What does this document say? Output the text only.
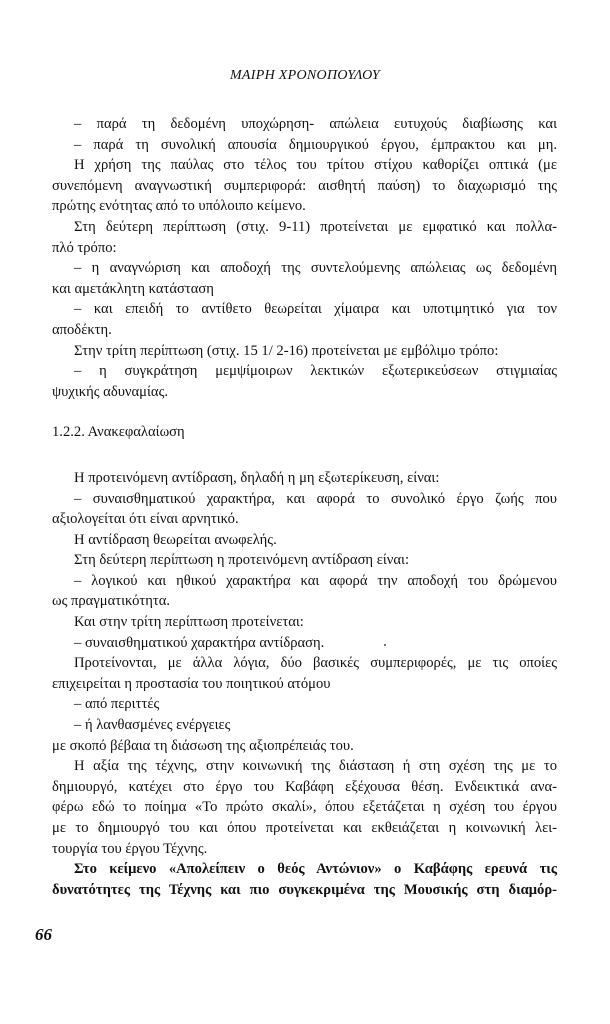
ΜΑΙΡΗ ΧΡΟΝΟΠΟΥΛΟΥ

– παρά τη δεδομένη υποχώρηση- απώλεια ευτυχούς διαβίωσης και

– παρά τη συνολική απουσία δημιουργικού έργου, έμπρακτου και μη.

Η χρήση της παύλας στο τέλος του τρίτου στίχου καθορίζει οπτικά (με
συνεπόμενη αναγνωστική συμπεριφορά: αισθητή παύση) το διαχωρισμό της
πρώτης ενότητας από το υπόλοιπο κείμενο.

Στη δεύτερη περίπτωση (στιχ. 9-11) προτείνεται με εμφατικό και πολλα-
πλό τρόπο:

– η αναγνώριση και αποδοχή της συντελούμενης απώλειας ως δεδομένη
και αμετάκλητη κατάσταση

– και επειδή το αντίθετο θεωρείται χίμαιρα και υποτιμητικό για τον
αποδέκτη.

Στην τρίτη περίπτωση (στιχ. 15 1/ 2-16) προτείνεται με εμβόλιμο τρόπο:

– η συγκράτηση μεμψίμοιρων λεκτικών εξωτερικεύσεων στιγμιαίας
ψυχικής αδυναμίας.

1.2.2. Ανακεφαλαίωση

Η προτεινόμενη αντίδραση, δηλαδή η μη εξωτερίκευση, είναι:

– συναισθηματικού χαρακτήρα, και αφορά το συνολικό έργο ζωής που
αξιολογείται ότι είναι αρνητικό.

Η αντίδραση θεωρείται ανωφελής.

Στη δεύτερη περίπτωση η προτεινόμενη αντίδραση είναι:

– λογικού και ηθικού χαρακτήρα και αφορά την αποδοχή του δρώμενου
ως πραγματικότητα.

Και στην τρίτη περίπτωση προτείνεται:

– συναισθηματικού χαρακτήρα αντίδραση.

Προτείνονται, με άλλα λόγια, δύο βασικές συμπεριφορές, με τις οποίες
επιχειρείται η προστασία του ποιητικού ατόμου

– από περιττές

– ή λανθασμένες ενέργειες

με σκοπό βέβαια τη διάσωση της αξιοπρέπειάς του.

Η αξία της τέχνης, στην κοινωνική της διάσταση ή στη σχέση της με το
δημιουργό, κατέχει στο έργο του Καβάφη εξέχουσα θέση. Ενδεικτικά ανα-
φέρω εδώ το ποίημα «Το πρώτο σκαλί», όπου εξετάζεται η σχέση του έργου
με το δημιουργό του και όπου προτείνεται και εκθειάζεται η κοινωνική λει-
τουργία του έργου Τέχνης.

Στο κείμενο «Απολείπειν ο θεός Αντώνιον» ο Καβάφης ερευνά τις
δυνατότητες της Τέχνης και πιο συγκεκριμένα της Μουσικής στη διαμόρ-

66
